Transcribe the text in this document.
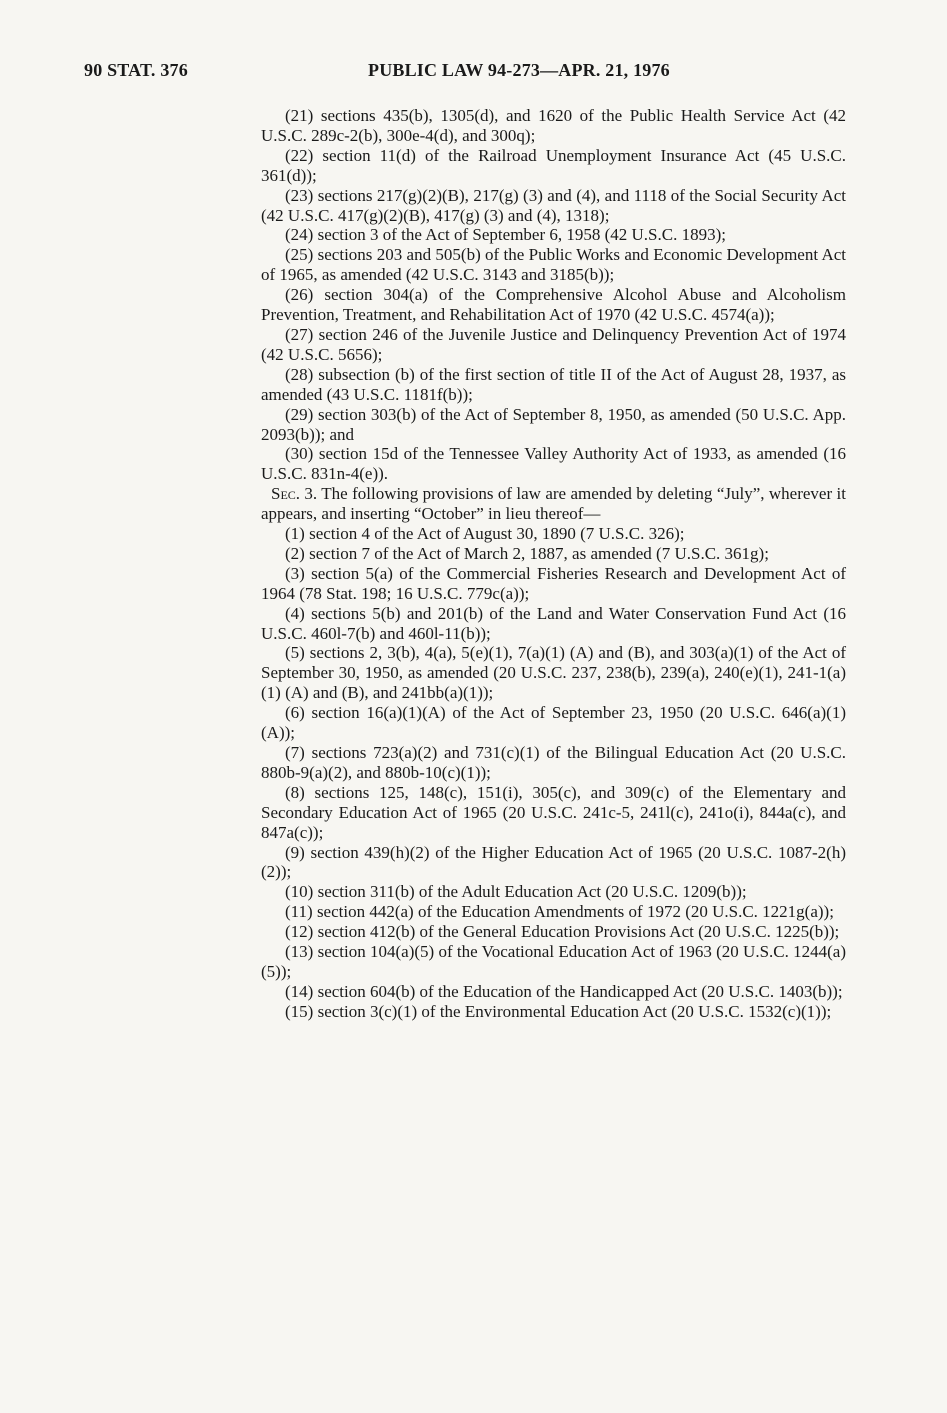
90 STAT. 376	PUBLIC LAW 94-273—APR. 21, 1976

(21) sections 435(b), 1305(d), and 1620 of the Public Health Service Act (42 U.S.C. 289c-2(b), 300e-4(d), and 300q);

(22) section 11(d) of the Railroad Unemployment Insurance Act (45 U.S.C. 361(d));

(23) sections 217(g)(2)(B), 217(g) (3) and (4), and 1118 of the Social Security Act (42 U.S.C. 417(g)(2)(B), 417(g) (3) and (4), 1318);

(24) section 3 of the Act of September 6, 1958 (42 U.S.C. 1893);

(25) sections 203 and 505(b) of the Public Works and Economic Development Act of 1965, as amended (42 U.S.C. 3143 and 3185(b));

(26) section 304(a) of the Comprehensive Alcohol Abuse and Alcoholism Prevention, Treatment, and Rehabilitation Act of 1970 (42 U.S.C. 4574(a));

(27) section 246 of the Juvenile Justice and Delinquency Prevention Act of 1974 (42 U.S.C. 5656);

(28) subsection (b) of the first section of title II of the Act of August 28, 1937, as amended (43 U.S.C. 1181f(b));

(29) section 303(b) of the Act of September 8, 1950, as amended (50 U.S.C. App. 2093(b)); and

(30) section 15d of the Tennessee Valley Authority Act of 1933, as amended (16 U.S.C. 831n-4(e)).

Sec. 3. The following provisions of law are amended by deleting “July”, wherever it appears, and inserting “October” in lieu thereof—

(1) section 4 of the Act of August 30, 1890 (7 U.S.C. 326);

(2) section 7 of the Act of March 2, 1887, as amended (7 U.S.C. 361g);

(3) section 5(a) of the Commercial Fisheries Research and Development Act of 1964 (78 Stat. 198; 16 U.S.C. 779c(a));

(4) sections 5(b) and 201(b) of the Land and Water Conservation Fund Act (16 U.S.C. 460l-7(b) and 460l-11(b));

(5) sections 2, 3(b), 4(a), 5(e)(1), 7(a)(1) (A) and (B), and 303(a)(1) of the Act of September 30, 1950, as amended (20 U.S.C. 237, 238(b), 239(a), 240(e)(1), 241-1(a)(1) (A) and (B), and 241bb(a)(1));

(6) section 16(a)(1)(A) of the Act of September 23, 1950 (20 U.S.C. 646(a)(1)(A));

(7) sections 723(a)(2) and 731(c)(1) of the Bilingual Education Act (20 U.S.C. 880b-9(a)(2), and 880b-10(c)(1));

(8) sections 125, 148(c), 151(i), 305(c), and 309(c) of the Elementary and Secondary Education Act of 1965 (20 U.S.C. 241c-5, 241l(c), 241o(i), 844a(c), and 847a(c));

(9) section 439(h)(2) of the Higher Education Act of 1965 (20 U.S.C. 1087-2(h)(2));

(10) section 311(b) of the Adult Education Act (20 U.S.C. 1209(b));

(11) section 442(a) of the Education Amendments of 1972 (20 U.S.C. 1221g(a));

(12) section 412(b) of the General Education Provisions Act (20 U.S.C. 1225(b));

(13) section 104(a)(5) of the Vocational Education Act of 1963 (20 U.S.C. 1244(a)(5));

(14) section 604(b) of the Education of the Handicapped Act (20 U.S.C. 1403(b));

(15) section 3(c)(1) of the Environmental Education Act (20 U.S.C. 1532(c)(1));
